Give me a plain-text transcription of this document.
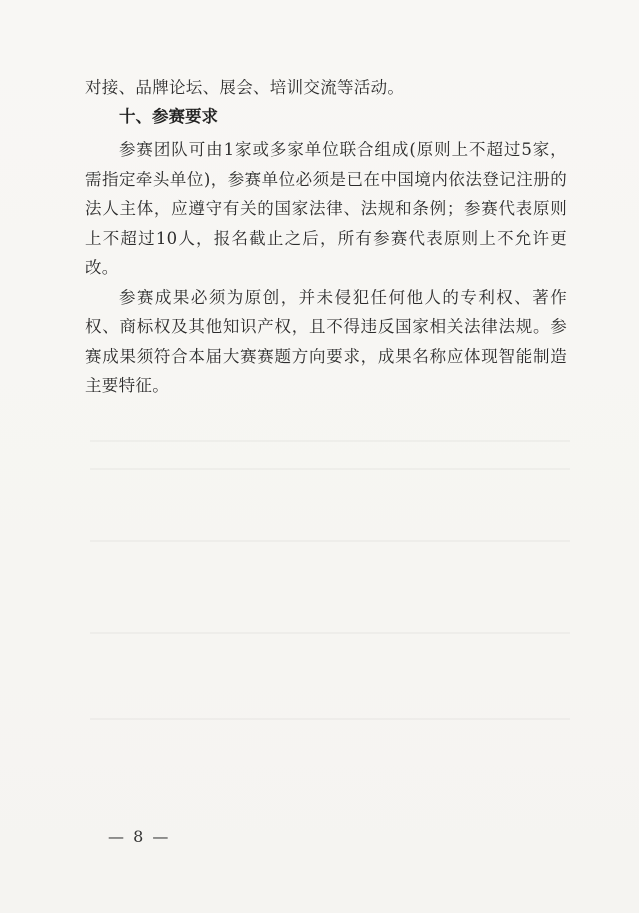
对接、品牌论坛、展会、培训交流等活动。

十、参赛要求

参赛团队可由1家或多家单位联合组成(原则上不超过5家，需指定牵头单位)，参赛单位必须是已在中国境内依法登记注册的法人主体，应遵守有关的国家法律、法规和条例；参赛代表原则上不超过10人，报名截止之后，所有参赛代表原则上不允许更改。

参赛成果必须为原创，并未侵犯任何他人的专利权、著作权、商标权及其他知识产权，且不得违反国家相关法律法规。参赛成果须符合本届大赛赛题方向要求，成果名称应体现智能制造主要特征。

— 8 —
